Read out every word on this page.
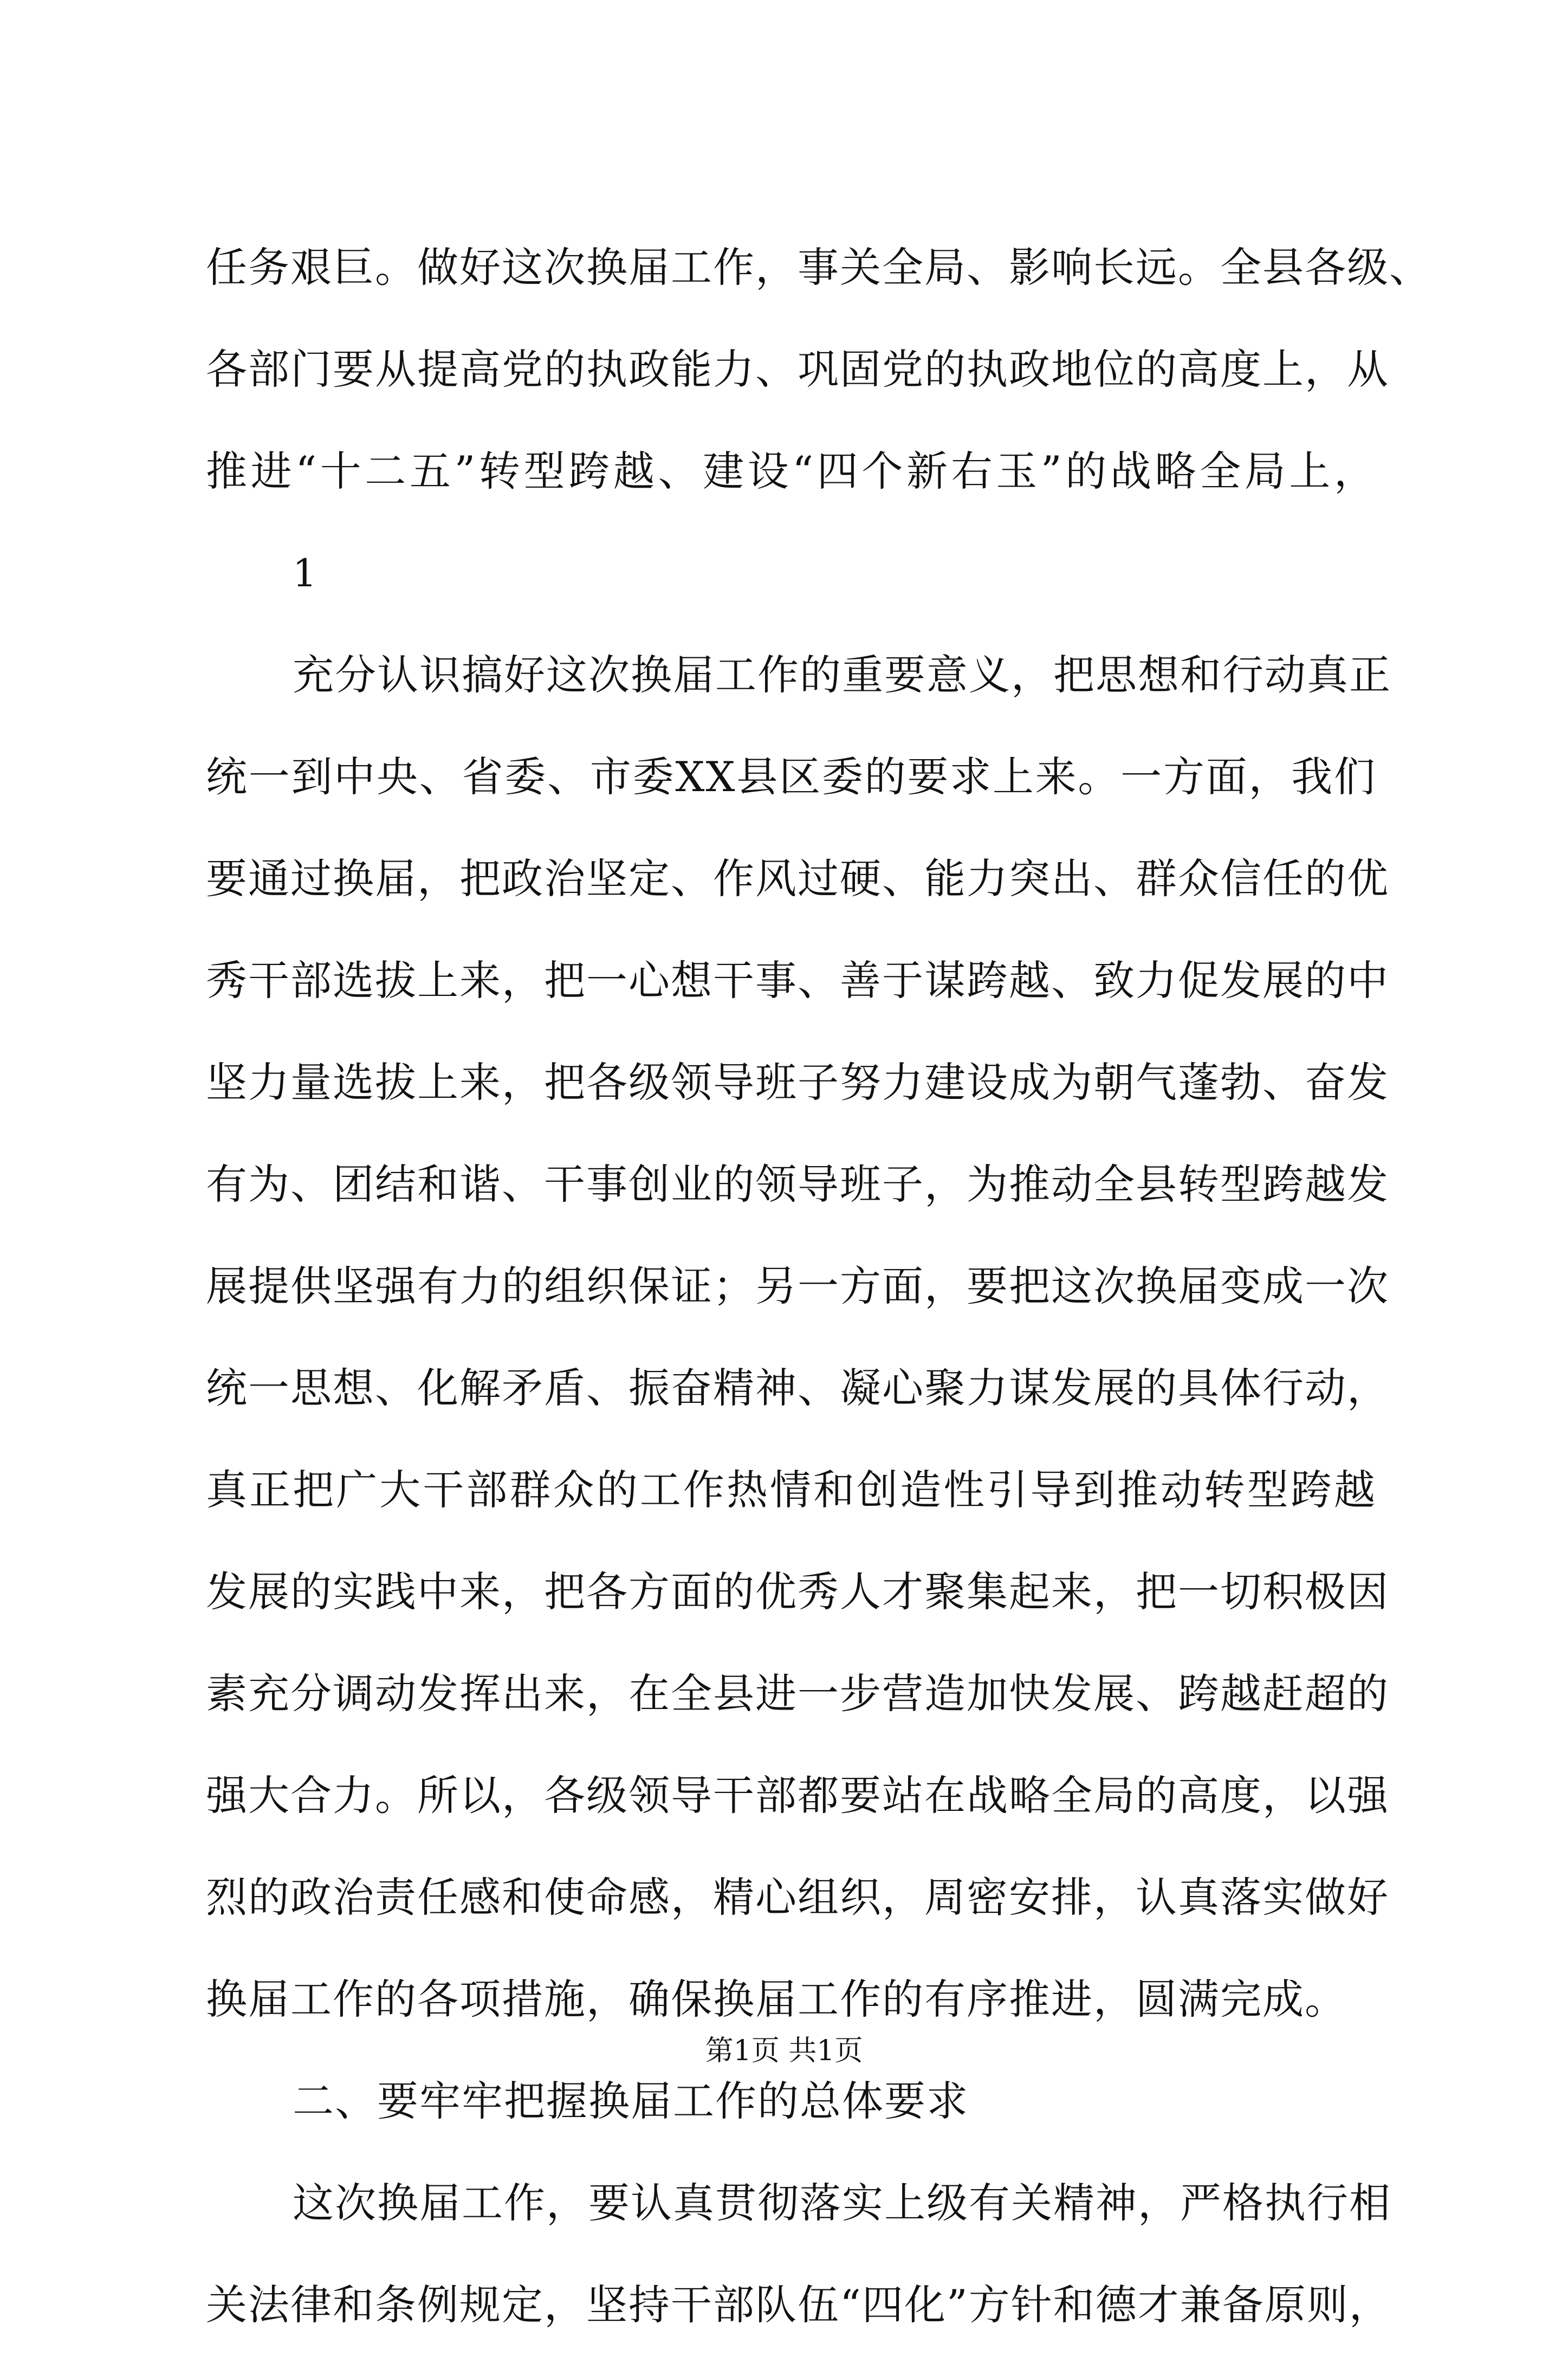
任务艰巨。做好这次换届工作，事关全局、影响长远。全县各级、
各部门要从提高党的执政能力、巩固党的执政地位的高度上，从
推进“十二五”转型跨越、建设“四个新右玉”的战略全局上，
1
充分认识搞好这次换届工作的重要意义，把思想和行动真正
统一到中央、省委、市委XX县区委的要求上来。一方面，我们
要通过换届，把政治坚定、作风过硬、能力突出、群众信任的优
秀干部选拔上来，把一心想干事、善于谋跨越、致力促发展的中
坚力量选拔上来，把各级领导班子努力建设成为朝气蓬勃、奋发
有为、团结和谐、干事创业的领导班子，为推动全县转型跨越发
展提供坚强有力的组织保证；另一方面，要把这次换届变成一次
统一思想、化解矛盾、振奋精神、凝心聚力谋发展的具体行动，
真正把广大干部群众的工作热情和创造性引导到推动转型跨越
发展的实践中来，把各方面的优秀人才聚集起来，把一切积极因
素充分调动发挥出来，在全县进一步营造加快发展、跨越赶超的
强大合力。所以，各级领导干部都要站在战略全局的高度，以强
烈的政治责任感和使命感，精心组织，周密安排，认真落实做好
换届工作的各项措施，确保换届工作的有序推进，圆满完成。
二、要牢牢把握换届工作的总体要求
这次换届工作，要认真贯彻落实上级有关精神，严格执行相
关法律和条例规定，坚持干部队伍“四化”方针和德才兼备原则，
第1页 共1页
